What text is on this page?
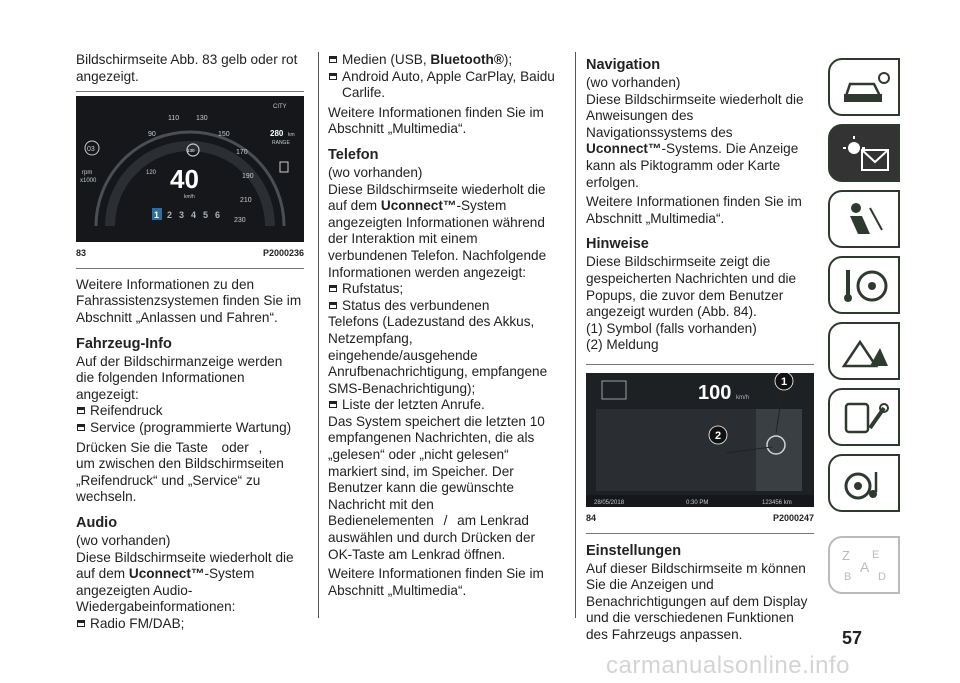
Bildschirmseite Abb. 83 gelb oder rot angezeigt.

90
110 130
150
170
190
210
230
03
rpm
x1000
130
120 40
km/h
1 2 3 4 5 6
CITY
280 km
RANGE
83	P2000236

Weitere Informationen zu den Fahrassistenzsystemen finden Sie im Abschnitt „Anlassen und Fahren“.

Fahrzeug-Info

Auf der Bildschirmanzeige werden die folgenden Informationen angezeigt:

Reifendruck
Service (programmierte Wartung)

Drücken Sie die Taste oder ,

um zwischen den Bildschirmseiten „Reifendruck“ und „Service“ zu wechseln.

Audio

(wo vorhanden)

Diese Bildschirmseite wiederholt die auf dem Uconnect™-System angezeigten Audio-Wiedergabeinformationen:

Radio FM/DAB;
Medien (USB, Bluetooth®);
Android Auto, Apple CarPlay, Baidu Carlife.

Weitere Informationen finden Sie im Abschnitt „Multimedia“.

Telefon

(wo vorhanden)

Diese Bildschirmseite wiederholt die auf dem Uconnect™-System angezeigten Informationen während der Interaktion mit einem verbundenen Telefon. Nachfolgende Informationen werden angezeigt:

Rufstatus;
Status des verbundenen

Telefons (Ladezustand des Akkus, Netzempfang, eingehende/ausgehende Anrufbenachrichtigung, empfangene SMS-Benachrichtigung);

Liste der letzten Anrufe.

Das System speichert die letzten 10 empfangenen Nachrichten, die als „gelesen“ oder „nicht gelesen“ markiert sind, im Speicher. Der Benutzer kann die gewünschte Nachricht mit den

Bedienelementen / am Lenkrad

auswählen und durch Drücken der OK-Taste am Lenkrad öffnen.

Weitere Informationen finden Sie im Abschnitt „Multimedia“.

Navigation

(wo vorhanden)

Diese Bildschirmseite wiederholt die Anweisungen des Navigationssystems des Uconnect™-Systems. Die Anzeige kann als Piktogramm oder Karte erfolgen.

Weitere Informationen finden Sie im Abschnitt „Multimedia“.

Hinweise

Diese Bildschirmseite zeigt die gespeicherten Nachrichten und die Popups, die zuvor dem Benutzer angezeigt wurden (Abb. 84).

(1) Symbol (falls vorhanden)

(2) Meldung

100 km/h
1
2
28/05/2018	0:30 PM	123456 km
84	P2000247
Einstellungen

Auf dieser Bildschirmseite m können Sie die Anzeigen und Benachrichtigungen auf dem Display und die verschiedenen Funktionen des Fahrzeugs anpassen.

Z E
B
A
D
57
carmanualsonline.info
